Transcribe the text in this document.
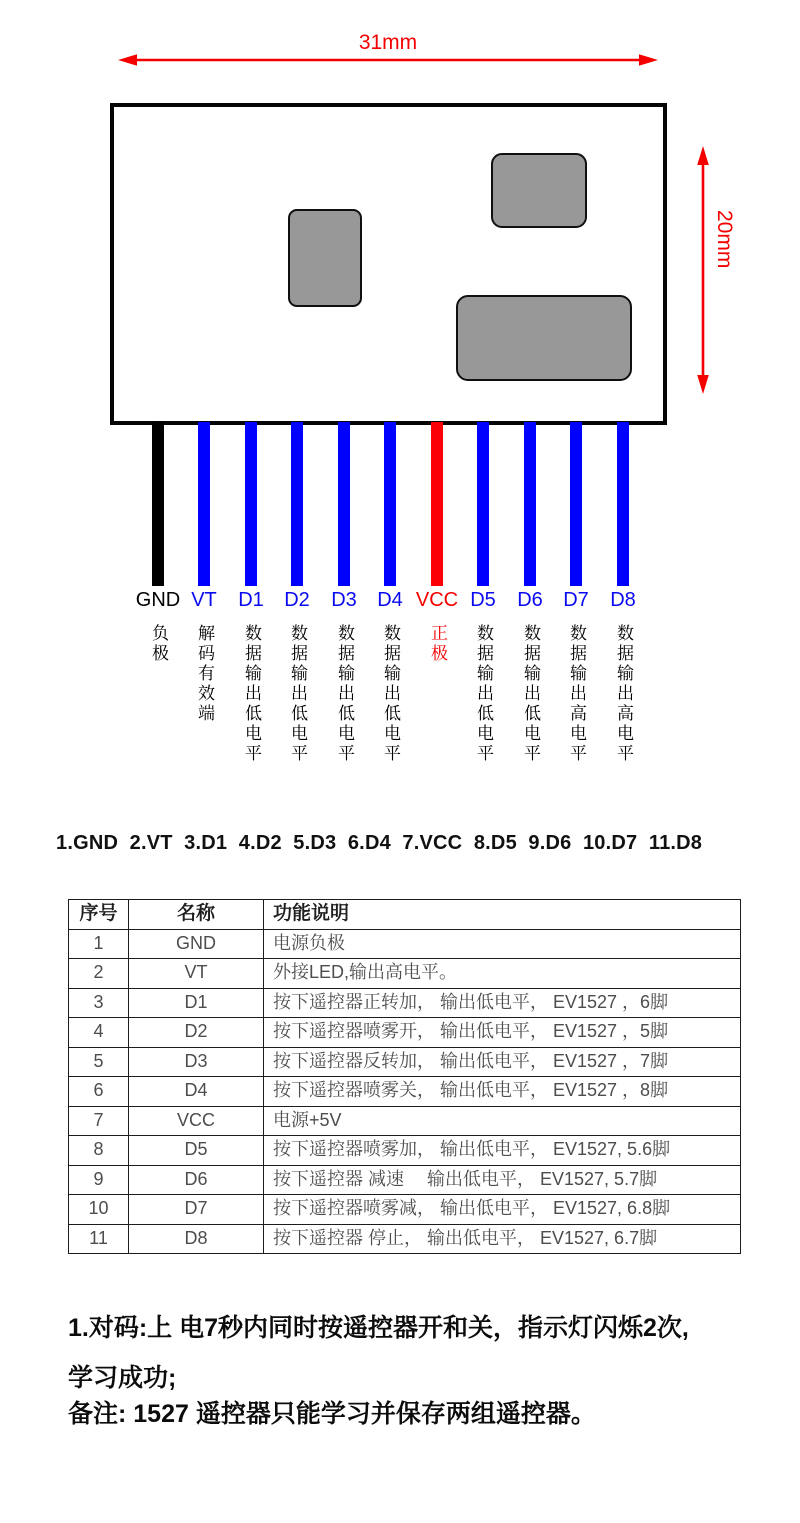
31mm
20mm
GND
负极
VT
解码有效端
D1
数据输出低电平
D2
数据输出低电平
D3
数据输出低电平
D4
数据输出低电平
VCC
正极
D5
数据输出低电平
D6
数据输出低电平
D7
数据输出高电平
D8
数据输出高电平
1.GND  2.VT  3.D1  4.D2  5.D3  6.D4  7.VCC  8.D5  9.D6  10.D7  11.D8
序号	名称	功能说明
1	GND	电源负极
2	VT	外接LED,输出高电平。
3	D1	按下遥控器正转加， 输出低电平， EV1527 ，6脚
4	D2	按下遥控器喷雾开， 输出低电平， EV1527 ，5脚
5	D3	按下遥控器反转加， 输出低电平， EV1527 ，7脚
6	D4	按下遥控器喷雾关， 输出低电平， EV1527 ，8脚
7	VCC	电源+5V
8	D5	按下遥控器喷雾加， 输出低电平， EV1527, 5.6脚
9	D6	按下遥控器 减速　 输出低电平， EV1527, 5.7脚
10	D7	按下遥控器喷雾减， 输出低电平， EV1527, 6.8脚
11	D8	按下遥控器 停止， 输出低电平， EV1527, 6.7脚
1.对码:上 电7秒内同时按遥控器开和关，指示灯闪烁2次,
学习成功;
备注: 1527 遥控器只能学习并保存两组遥控器。
